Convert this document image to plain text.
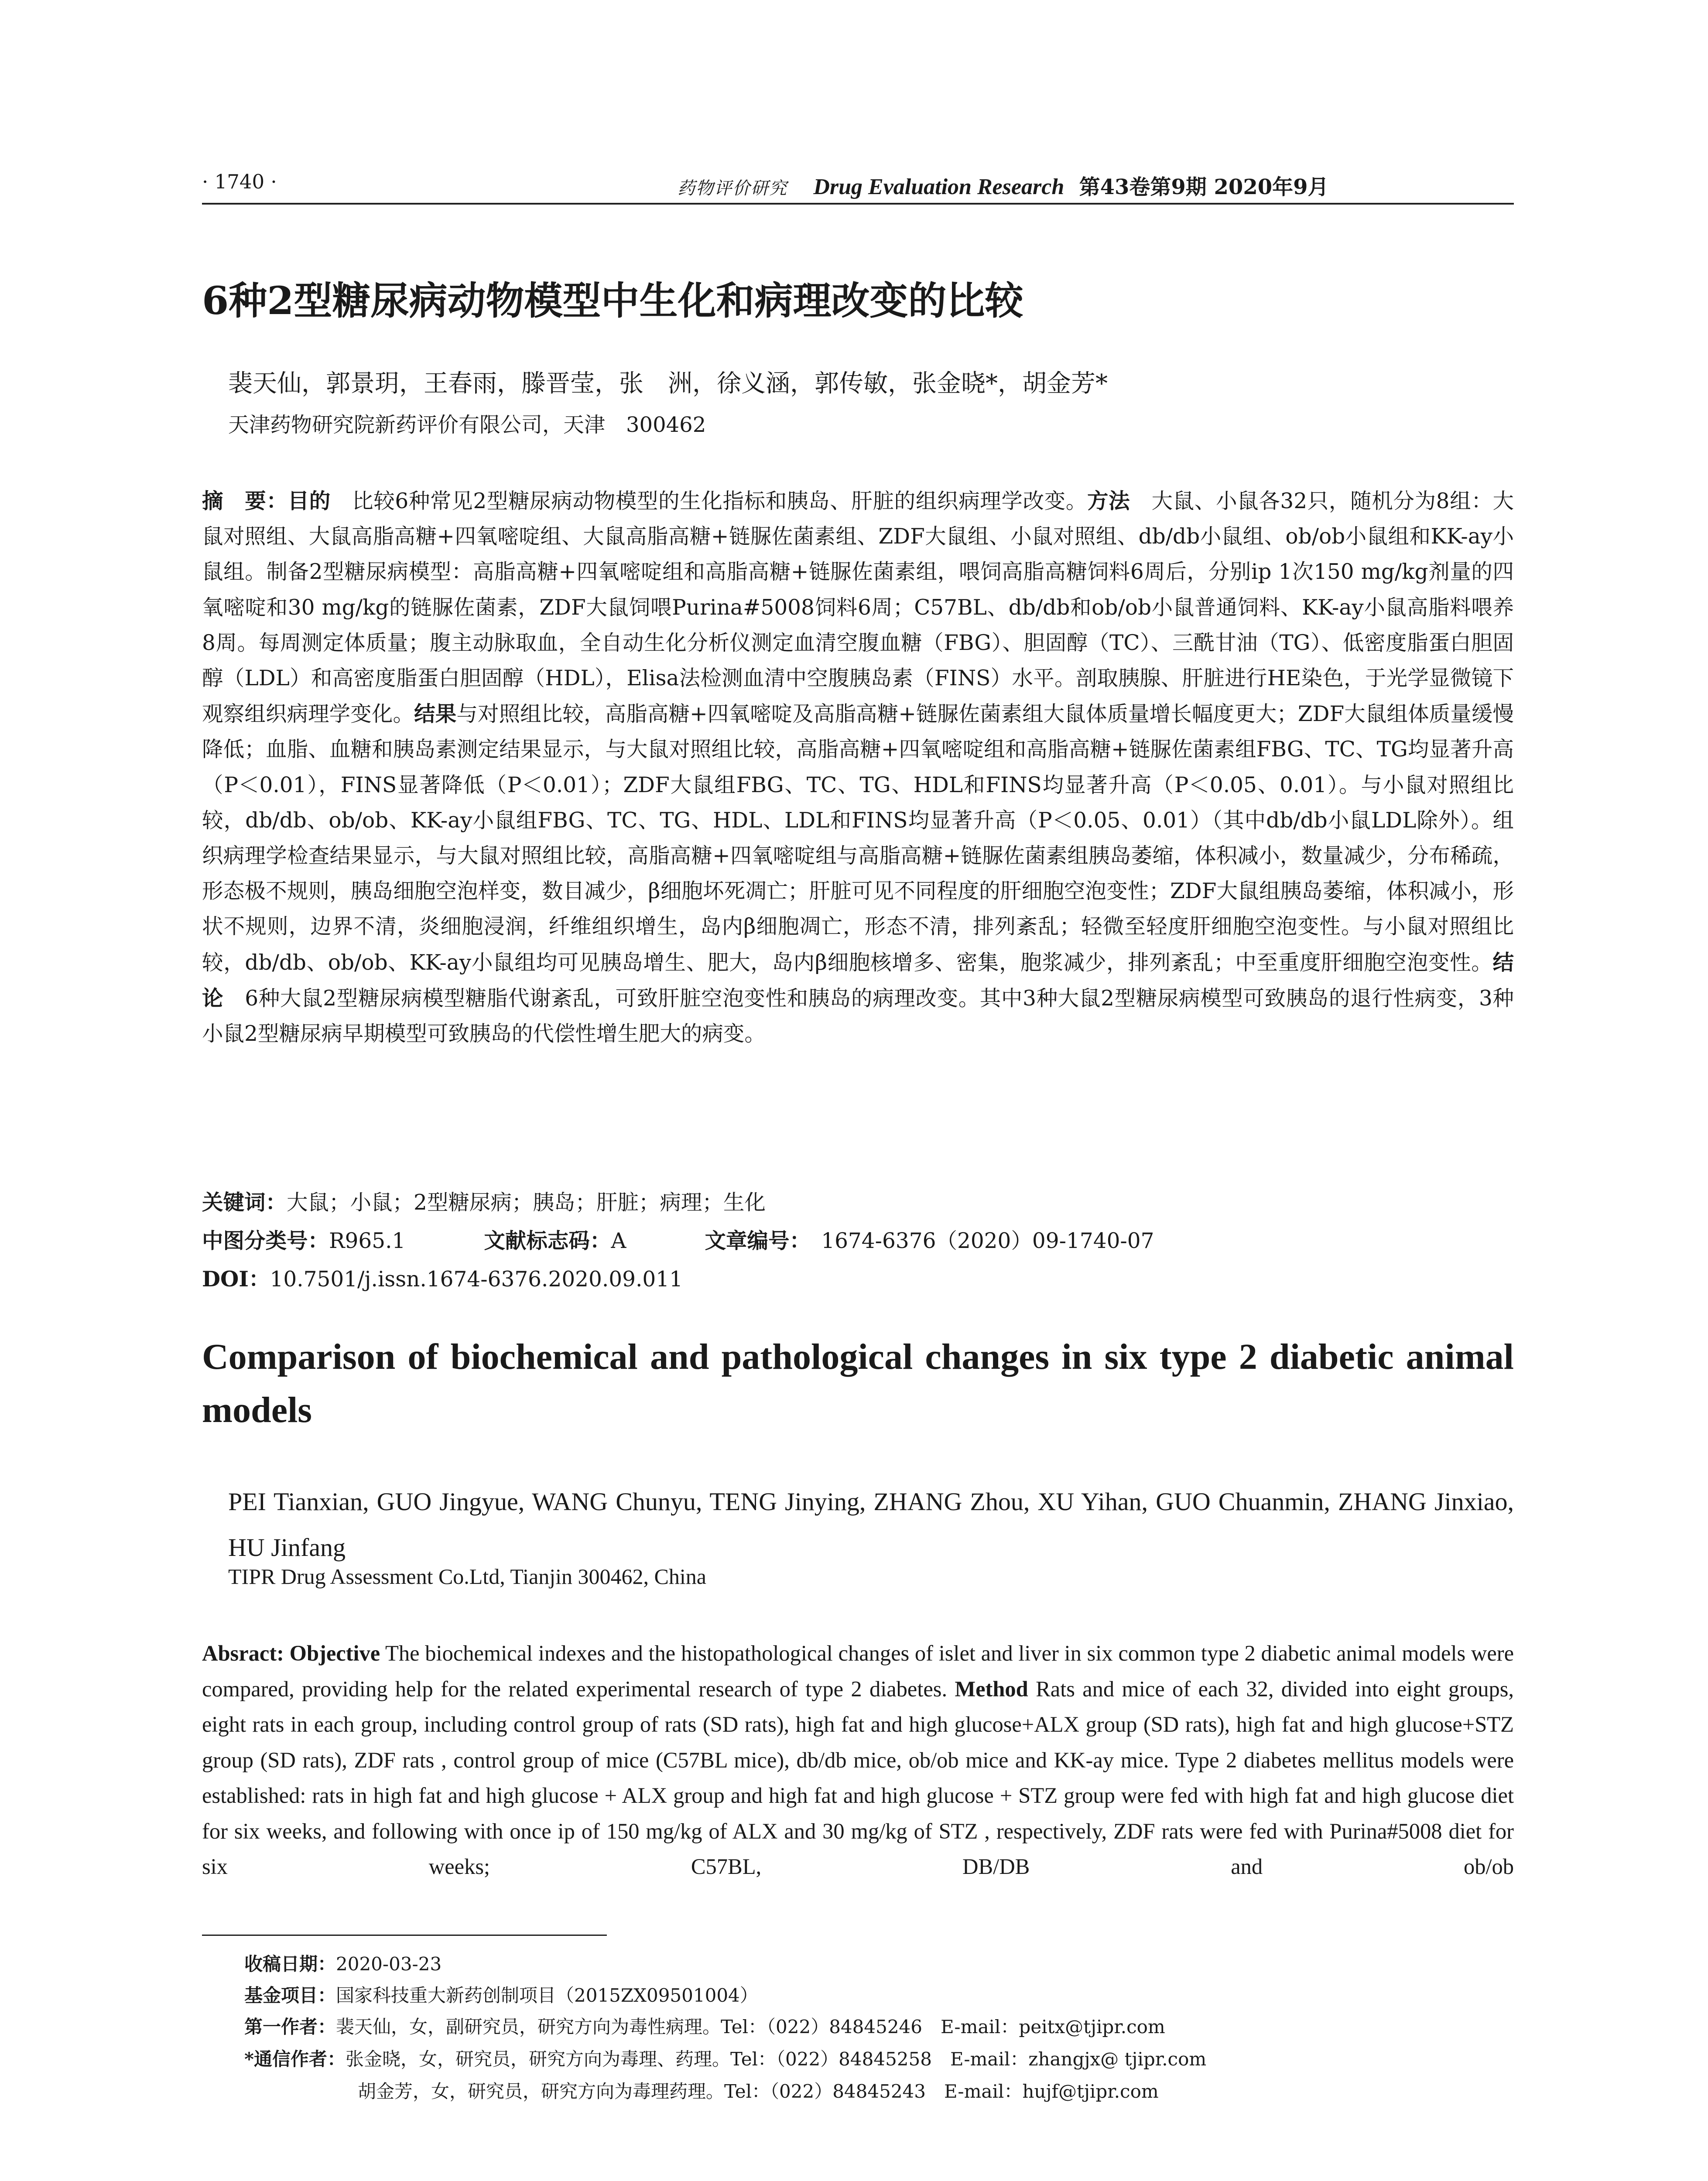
· 1740 ·	药物评价研究 Drug Evaluation Research 第43卷第9期 2020年9月
6种2型糖尿病动物模型中生化和病理改变的比较
裴天仙，郭景玥，王春雨，滕晋莹，张　洲，徐义涵，郭传敏，张金晓*，胡金芳*
天津药物研究院新药评价有限公司，天津　300462
摘　要：目的　 比较6种常见2型糖尿病动物模型的生化指标和胰岛、肝脏的组织病理学改变。方法　 大鼠、小鼠各32只，随机分为8组：大鼠对照组、大鼠高脂高糖+四氧嘧啶组、大鼠高脂高糖+链脲佐菌素组、ZDF大鼠组、小鼠对照组、db/db小鼠组、ob/ob小鼠组和KK-ay小鼠组。制备2型糖尿病模型：高脂高糖+四氧嘧啶组和高脂高糖+链脲佐菌素组，喂饲高脂高糖饲料6周后，分别ip 1次150 mg/kg剂量的四氧嘧啶和30 mg/kg的链脲佐菌素，ZDF大鼠饲喂Purina#5008饲料6周；C57BL、db/db和ob/ob小鼠普通饲料、KK-ay小鼠高脂料喂养8周。每周测定体质量；腹主动脉取血，全自动生化分析仪测定血清空腹血糖（FBG）、胆固醇（TC）、三酰甘油（TG）、低密度脂蛋白胆固醇（LDL）和高密度脂蛋白胆固醇（HDL），Elisa法检测血清中空腹胰岛素（FINS）水平。剖取胰腺、肝脏进行HE染色，于光学显微镜下观察组织病理学变化。结果与对照组比较，高脂高糖+四氧嘧啶及高脂高糖+链脲佐菌素组大鼠体质量增长幅度更大；ZDF大鼠组体质量缓慢降低；血脂、血糖和胰岛素测定结果显示，与大鼠对照组比较，高脂高糖+四氧嘧啶组和高脂高糖+链脲佐菌素组FBG、TC、TG均显著升高（P＜0.01），FINS显著降低（P＜0.01）；ZDF大鼠组FBG、TC、TG、HDL和FINS均显著升高（P＜0.05、0.01）。与小鼠对照组比较，db/db、ob/ob、KK-ay小鼠组FBG、TC、TG、HDL、LDL和FINS均显著升高（P＜0.05、0.01）（其中db/db小鼠LDL除外）。组织病理学检查结果显示，与大鼠对照组比较，高脂高糖+四氧嘧啶组与高脂高糖+链脲佐菌素组胰岛萎缩，体积减小，数量减少，分布稀疏，形态极不规则，胰岛细胞空泡样变，数目减少，β细胞坏死凋亡；肝脏可见不同程度的肝细胞空泡变性；ZDF大鼠组胰岛萎缩，体积减小，形状不规则，边界不清，炎细胞浸润，纤维组织增生，岛内β细胞凋亡，形态不清，排列紊乱；轻微至轻度肝细胞空泡变性。与小鼠对照组比较，db/db、ob/ob、KK-ay小鼠组均可见胰岛增生、肥大，岛内β细胞核增多、密集，胞浆减少，排列紊乱；中至重度肝细胞空泡变性。结论　 6种大鼠2型糖尿病模型糖脂代谢紊乱，可致肝脏空泡变性和胰岛的病理改变。其中3种大鼠2型糖尿病模型可致胰岛的退行性病变，3种小鼠2型糖尿病早期模型可致胰岛的代偿性增生肥大的病变。
关键词：大鼠；小鼠；2型糖尿病；胰岛；肝脏；病理；生化
中图分类号：R965.1	文献标志码：A	文章编号：　 1674-6376（2020）09-1740-07
DOI：10.7501/j.issn.1674-6376.2020.09.011
Comparison of biochemical and pathological changes in six type 2 diabetic animal models
PEI Tianxian, GUO Jingyue, WANG Chunyu, TENG Jinying, ZHANG Zhou, XU Yihan, GUO Chuanmin, ZHANG Jinxiao, HU Jinfang
TIPR Drug Assessment Co.Ltd, Tianjin 300462, China
Absract: Objective The biochemical indexes and the histopathological changes of islet and liver in six common type 2 diabetic animal models were compared, providing help for the related experimental research of type 2 diabetes. Method Rats and mice of each 32, divided into eight groups, eight rats in each group, including control group of rats (SD rats), high fat and high glucose+ALX group (SD rats), high fat and high glucose+STZ group (SD rats), ZDF rats , control group of mice (C57BL mice), db/db mice, ob/ob mice and KK-ay mice. Type 2 diabetes mellitus models were established: rats in high fat and high glucose + ALX group and high fat and high glucose + STZ group were fed with high fat and high glucose diet for six weeks, and following with once ip of 150 mg/kg of ALX and 30 mg/kg of STZ , respectively, ZDF rats were fed with Purina#5008 diet for six weeks; C57BL, DB/DB and ob/ob
收稿日期：2020-03-23
基金项目：国家科技重大新药创制项目（2015ZX09501004）
第一作者：裴天仙，女，副研究员，研究方向为毒性病理。Tel：（022）84845246　E-mail：peitx@tjipr.com
*通信作者：张金晓，女，研究员，研究方向为毒理、药理。Tel：（022）84845258　E-mail：zhangjx@ tjipr.com
胡金芳，女，研究员，研究方向为毒理药理。Tel：（022）84845243　E-mail：hujf@tjipr.com
